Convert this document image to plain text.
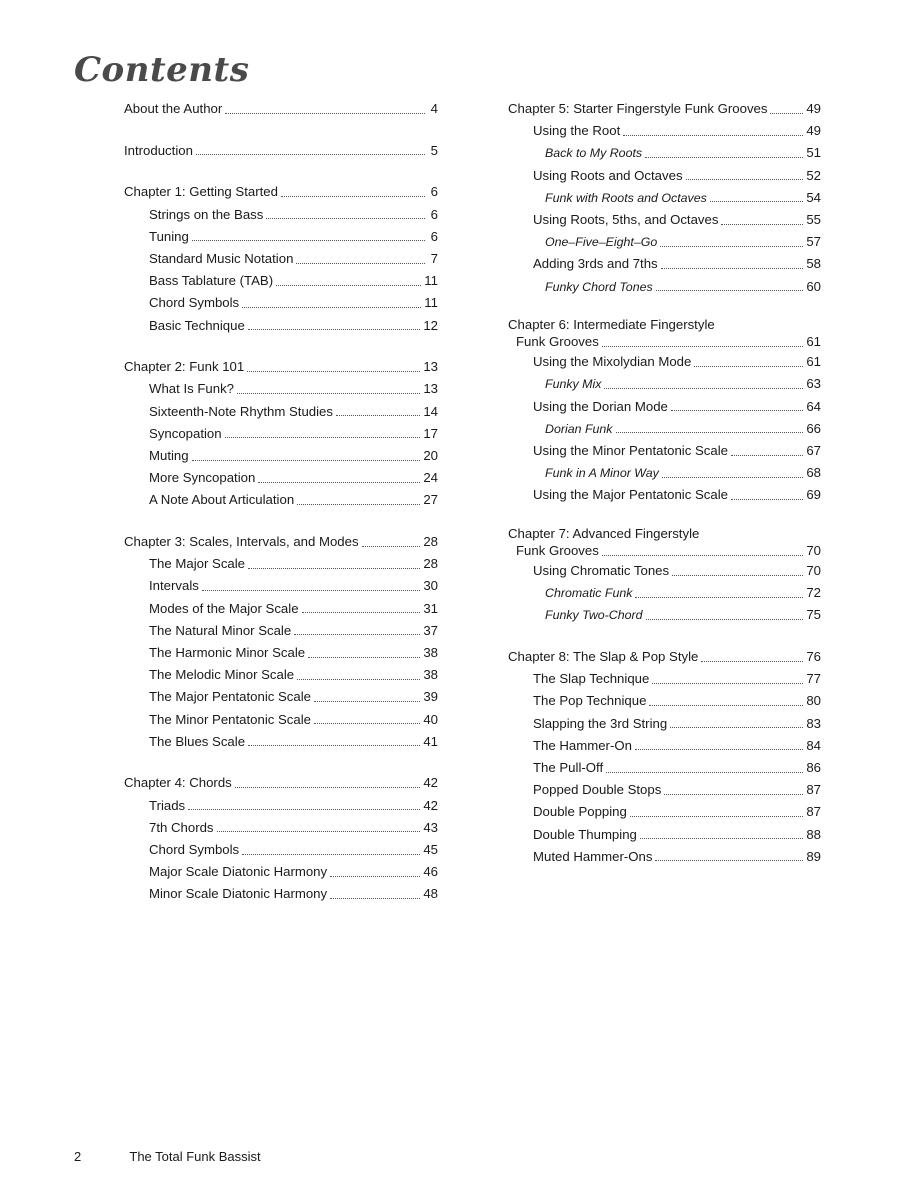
Contents
About the Author	4
Introduction	5
Chapter 1: Getting Started	6
Strings on the Bass	6
Tuning	6
Standard Music Notation	7
Bass Tablature (TAB)	11
Chord Symbols	11
Basic Technique	12
Chapter 2: Funk 101	13
What Is Funk?	13
Sixteenth-Note Rhythm Studies	14
Syncopation	17
Muting	20
More Syncopation	24
A Note About Articulation	27
Chapter 3: Scales, Intervals, and Modes	28
The Major Scale	28
Intervals	30
Modes of the Major Scale	31
The Natural Minor Scale	37
The Harmonic Minor Scale	38
The Melodic Minor Scale	38
The Major Pentatonic Scale	39
The Minor Pentatonic Scale	40
The Blues Scale	41
Chapter 4: Chords	42
Triads	42
7th Chords	43
Chord Symbols	45
Major Scale Diatonic Harmony	46
Minor Scale Diatonic Harmony	48
Chapter 5: Starter Fingerstyle Funk Grooves	49
Using the Root	49
Back to My Roots	51
Using Roots and Octaves	52
Funk with Roots and Octaves	54
Using Roots, 5ths, and Octaves	55
One–Five–Eight–Go	57
Adding 3rds and 7ths	58
Funky Chord Tones	60
Chapter 6: Intermediate Fingerstyle
Funk Grooves	61
Using the Mixolydian Mode	61
Funky Mix	63
Using the Dorian Mode	64
Dorian Funk	66
Using the Minor Pentatonic Scale	67
Funk in A Minor Way	68
Using the Major Pentatonic Scale	69
Chapter 7: Advanced Fingerstyle
Funk Grooves	70
Using Chromatic Tones	70
Chromatic Funk	72
Funky Two-Chord	75
Chapter 8: The Slap & Pop Style	76
The Slap Technique	77
The Pop Technique	80
Slapping the 3rd String	83
The Hammer-On	84
The Pull-Off	86
Popped Double Stops	87
Double Popping	87
Double Thumping	88
Muted Hammer-Ons	89
2	The Total Funk Bassist
